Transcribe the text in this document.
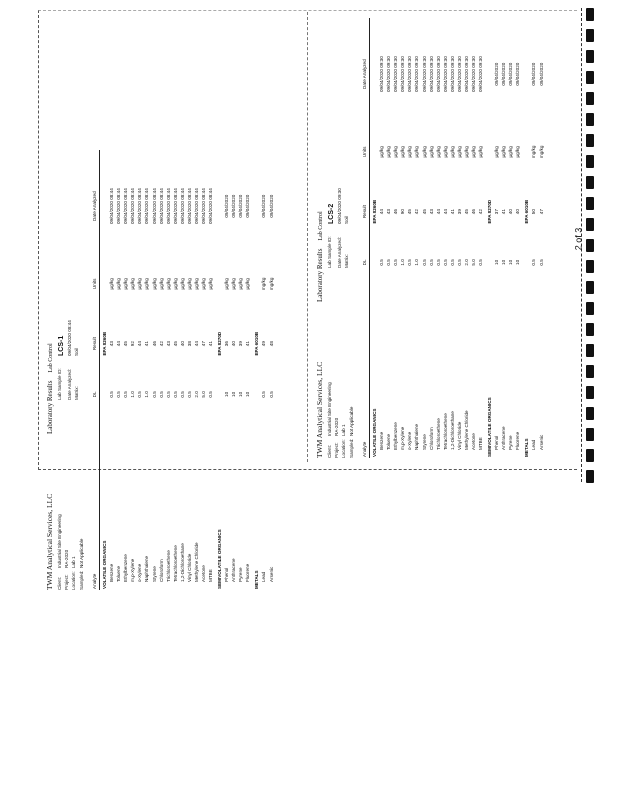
2 of 3
TWM Analytical Services, LLC
Laboratory Results
Lab Control
Client:
Industrial Site Engineering
Project:
RA-2020
Location:
Lab 1
Sampled:
Not Applicable
Lab Sample ID:
LCS-1
Date Analyzed:
09/04/2020 08:44
Matrix:
Soil
Analyte	DL	Result	Units	Date Analyzed
VOLATILE ORGANICS		EPA 8260B		
Benzene	0.5	43	µg/kg	09/04/2020 08:44
Toluene	0.5	44	µg/kg	09/04/2020 08:44
Ethylbenzene	0.5	45	µg/kg	09/04/2020 08:44
m,p-Xylene	1.0	92	µg/kg	09/04/2020 08:44
o-Xylene	0.5	44	µg/kg	09/04/2020 08:44
Naphthalene	1.0	41	µg/kg	09/04/2020 08:44
Styrene	0.5	46	µg/kg	09/04/2020 08:44
Chloroform	0.5	42	µg/kg	09/04/2020 08:44
Trichloroethene	0.5	43	µg/kg	09/04/2020 08:44
Tetrachloroethene	0.5	45	µg/kg	09/04/2020 08:44
1,2-Dichloroethane	0.5	40	µg/kg	09/04/2020 08:44
Vinyl Chloride	0.5	38	µg/kg	09/04/2020 08:44
Methylene Chloride	2.0	44	µg/kg	09/04/2020 08:44
Acetone	5.0	47	µg/kg	09/04/2020 08:44
MTBE	0.5	41	µg/kg	09/04/2020 08:44
SEMIVOLATILE ORGANICS		EPA 8270D		
Phenol	10	36	µg/kg	09/04/2020
Anthracene	10	40	µg/kg	09/04/2020
Pyrene	10	39	µg/kg	09/04/2020
Fluorene	10	41	µg/kg	09/04/2020
METALS		EPA 6010B		
Lead	0.5	49	mg/kg	09/04/2020
Arsenic	0.5	48	mg/kg	09/04/2020
TWM Analytical Services, LLC
Laboratory Results
Lab Control
Client:
Industrial Site Engineering
Project:
RA-2020
Location:
Lab 1
Sampled:
Not Applicable
Lab Sample ID:
LCS-2
Date Analyzed:
09/04/2020 09:30
Matrix:
Soil
Analyte	DL	Result	Units	Date Analyzed
VOLATILE ORGANICS		EPA 8260B		
Benzene	0.5	44	µg/kg	09/04/2020 09:30
Toluene	0.5	43	µg/kg	09/04/2020 09:30
Ethylbenzene	0.5	46	µg/kg	09/04/2020 09:30
m,p-Xylene	1.0	90	µg/kg	09/04/2020 09:30
o-Xylene	0.5	45	µg/kg	09/04/2020 09:30
Naphthalene	1.0	42	µg/kg	09/04/2020 09:30
Styrene	0.5	45	µg/kg	09/04/2020 09:30
Chloroform	0.5	43	µg/kg	09/04/2020 09:30
Trichloroethene	0.5	44	µg/kg	09/04/2020 09:30
Tetrachloroethene	0.5	44	µg/kg	09/04/2020 09:30
1,2-Dichloroethane	0.5	41	µg/kg	09/04/2020 09:30
Vinyl Chloride	0.5	39	µg/kg	09/04/2020 09:30
Methylene Chloride	2.0	45	µg/kg	09/04/2020 09:30
Acetone	5.0	46	µg/kg	09/04/2020 09:30
MTBE	0.5	42	µg/kg	09/04/2020 09:30
SEMIVOLATILE ORGANICS		EPA 8270D		
Phenol	10	37	µg/kg	09/04/2020
Anthracene	10	41	µg/kg	09/04/2020
Pyrene	10	40	µg/kg	09/04/2020
Fluorene	10	40	µg/kg	09/04/2020
METALS		EPA 6010B		
Lead	0.5	50	mg/kg	09/04/2020
Arsenic	0.5	47	mg/kg	09/04/2020
